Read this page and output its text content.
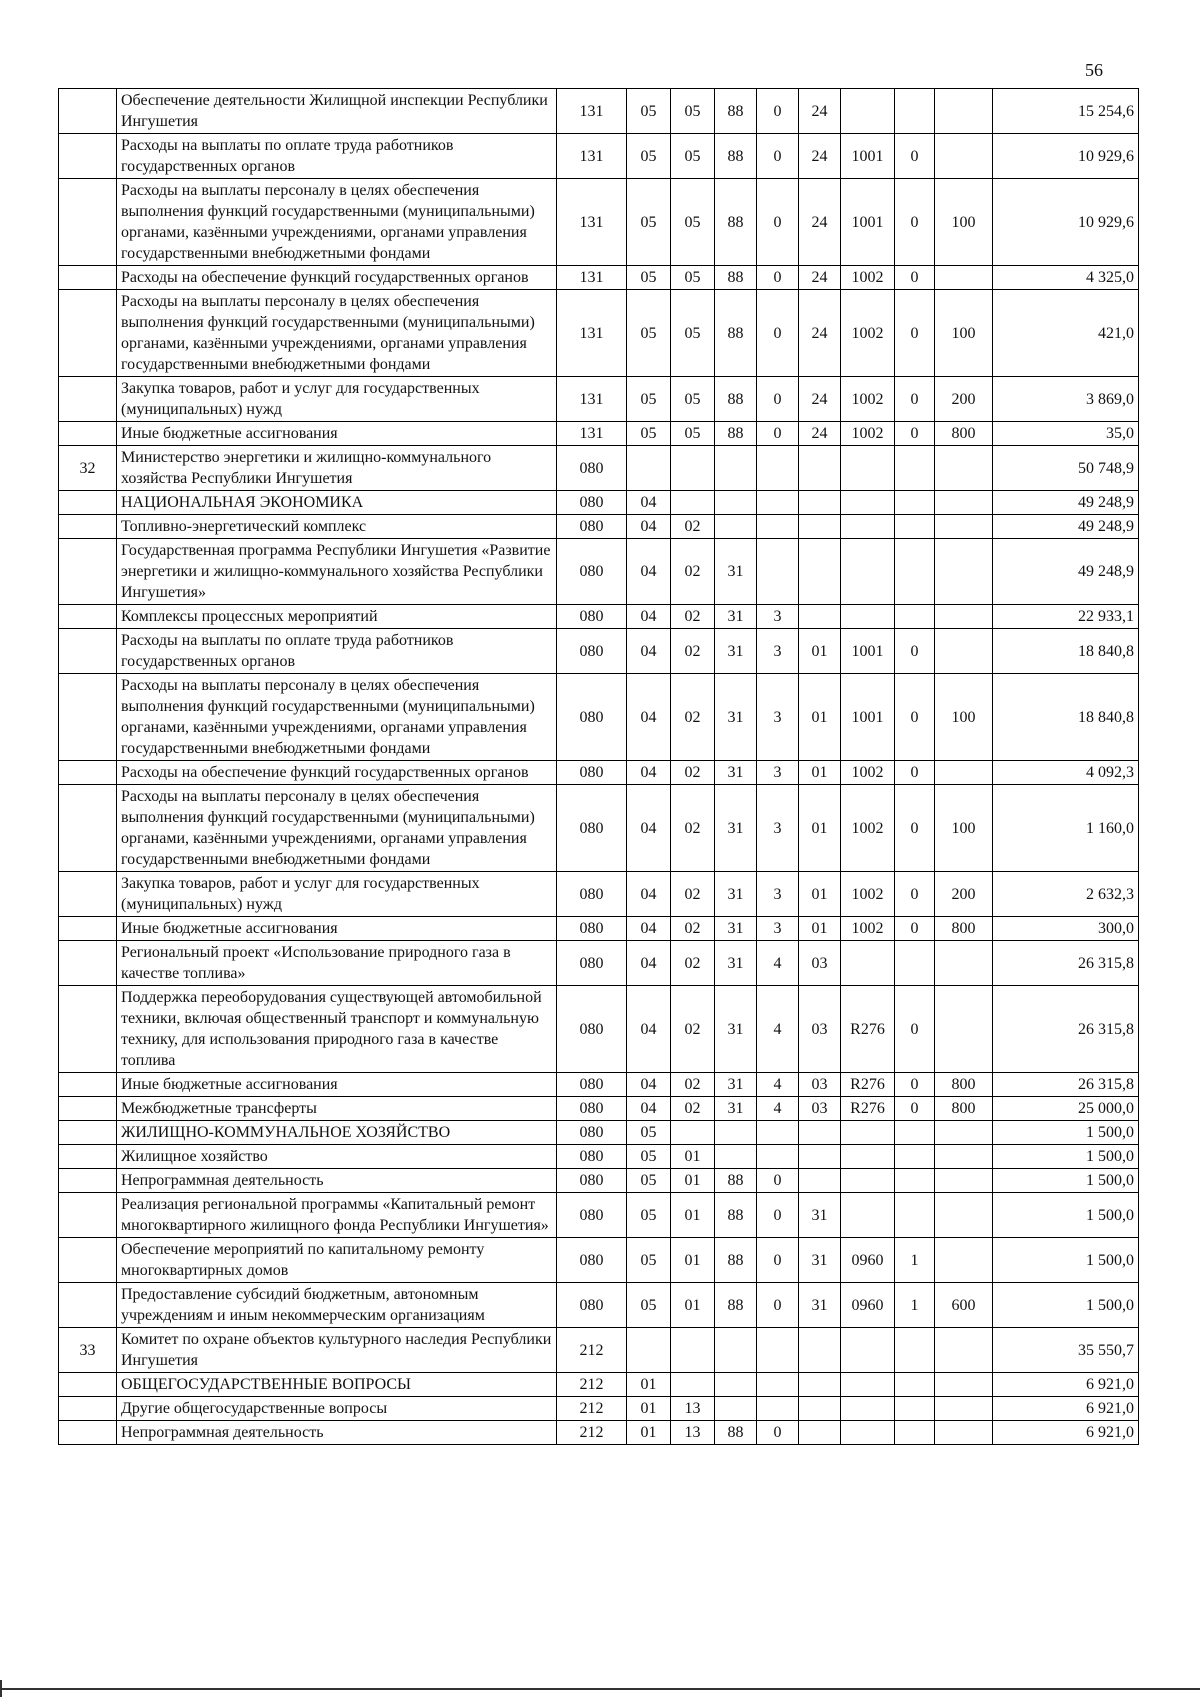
56
	Обеспечение деятельности Жилищной инспекции Республики Ингушетия	131	05	05	88	0	24				15 254,6
	Расходы на выплаты по оплате труда работников государственных органов	131	05	05	88	0	24	1001	0		10 929,6
	Расходы на выплаты персоналу в целях обеспечения выполнения функций государственными (муниципальными) органами, казёнными учреждениями, органами управления государственными внебюджетными фондами	131	05	05	88	0	24	1001	0	100	10 929,6
	Расходы на обеспечение функций государственных органов	131	05	05	88	0	24	1002	0		4 325,0
	Расходы на выплаты персоналу в целях обеспечения выполнения функций государственными (муниципальными) органами, казёнными учреждениями, органами управления государственными внебюджетными фондами	131	05	05	88	0	24	1002	0	100	421,0
	Закупка товаров, работ и услуг для государственных (муниципальных) нужд	131	05	05	88	0	24	1002	0	200	3 869,0
	Иные бюджетные ассигнования	131	05	05	88	0	24	1002	0	800	35,0
32	Министерство энергетики и жилищно-коммунального хозяйства Республики Ингушетия	080									50 748,9
	НАЦИОНАЛЬНАЯ ЭКОНОМИКА	080	04								49 248,9
	Топливно-энергетический комплекс	080	04	02							49 248,9
	Государственная программа Республики Ингушетия «Развитие энергетики и жилищно-коммунального хозяйства Республики Ингушетия»	080	04	02	31						49 248,9
	Комплексы процессных мероприятий	080	04	02	31	3					22 933,1
	Расходы на выплаты по оплате труда работников государственных органов	080	04	02	31	3	01	1001	0		18 840,8
	Расходы на выплаты персоналу в целях обеспечения выполнения функций государственными (муниципальными) органами, казёнными учреждениями, органами управления государственными внебюджетными фондами	080	04	02	31	3	01	1001	0	100	18 840,8
	Расходы на обеспечение функций государственных органов	080	04	02	31	3	01	1002	0		4 092,3
	Расходы на выплаты персоналу в целях обеспечения выполнения функций государственными (муниципальными) органами, казёнными учреждениями, органами управления государственными внебюджетными фондами	080	04	02	31	3	01	1002	0	100	1 160,0
	Закупка товаров, работ и услуг для государственных (муниципальных) нужд	080	04	02	31	3	01	1002	0	200	2 632,3
	Иные бюджетные ассигнования	080	04	02	31	3	01	1002	0	800	300,0
	Региональный проект «Использование природного газа в качестве топлива»	080	04	02	31	4	03				26 315,8
	Поддержка переоборудования существующей автомобильной техники, включая общественный транспорт и коммунальную технику, для использования природного газа в качестве топлива	080	04	02	31	4	03	R276	0		26 315,8
	Иные бюджетные ассигнования	080	04	02	31	4	03	R276	0	800	26 315,8
	Межбюджетные трансферты	080	04	02	31	4	03	R276	0	800	25 000,0
	ЖИЛИЩНО-КОММУНАЛЬНОЕ ХОЗЯЙСТВО	080	05								1 500,0
	Жилищное хозяйство	080	05	01							1 500,0
	Непрограммная деятельность	080	05	01	88	0					1 500,0
	Реализация региональной программы «Капитальный ремонт многоквартирного жилищного фонда Республики Ингушетия»	080	05	01	88	0	31				1 500,0
	Обеспечение мероприятий по капитальному ремонту многоквартирных домов	080	05	01	88	0	31	0960	1		1 500,0
	Предоставление субсидий бюджетным, автономным учреждениям и иным некоммерческим организациям	080	05	01	88	0	31	0960	1	600	1 500,0
33	Комитет по охране объектов культурного наследия Республики Ингушетия	212									35 550,7
	ОБЩЕГОСУДАРСТВЕННЫЕ ВОПРОСЫ	212	01								6 921,0
	Другие общегосударственные вопросы	212	01	13							6 921,0
	Непрограммная деятельность	212	01	13	88	0					6 921,0
